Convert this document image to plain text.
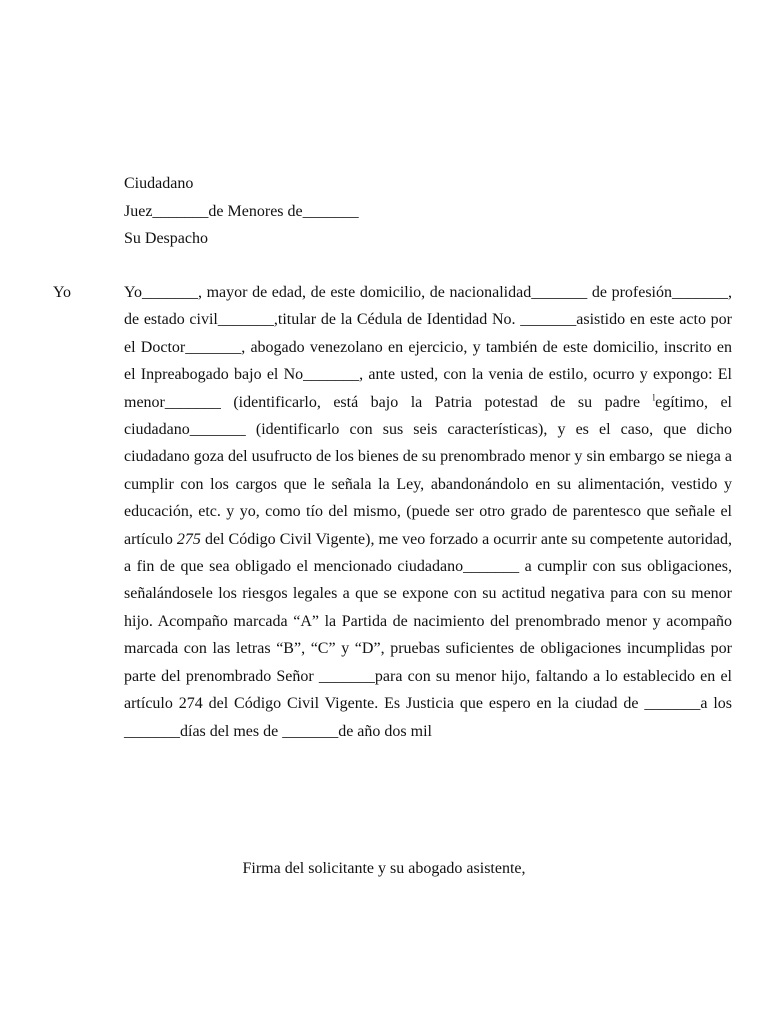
Ciudadano
Juez_______de Menores de_______
Su Despacho
Yo	Yo_______, mayor de edad, de este domicilio, de nacionalidad_______ de profesión_______, de estado civil_______,titular de la Cédula de Identidad No. _______asistido en este acto por el Doctor_______, abogado venezolano en ejercicio, y también de este domicilio, inscrito en el Inpreabogado bajo el No_______, ante usted, con la venia de estilo, ocurro y expongo: El menor_______ (identificarlo, está bajo la Patria potestad de su padre $^l$egítimo, el ciudadano_______ (identificarlo con sus seis características), y es el caso, que dicho ciudadano goza del usufructo de los bienes de su prenombrado menor y sin embargo se niega a cumplir con los cargos que le señala la Ley, abandonándolo en su alimentación, vestido y educación, etc. y yo, como tío del mismo, (puede ser otro grado de parentesco que señale el artículo 275 del Código Civil Vigente), me veo forzado a ocurrir ante su competente autoridad, a fin de que sea obligado el mencionado ciudadano_______ a cumplir con sus obligaciones, señalándosele los riesgos legales a que se expone con su actitud negativa para con su menor hijo. Acompaño marcada “A” la Partida de nacimiento del prenombrado menor y acompaño marcada con las letras “B”, “C” y “D”, pruebas suficientes de obligaciones incumplidas por parte del prenombrado Señor _______para con su menor hijo, faltando a lo establecido en el artículo 274 del Código Civil Vigente. Es Justicia que espero en la ciudad de _______a los _______días del mes de _______de año dos mil
Firma del solicitante y su abogado asistente,
